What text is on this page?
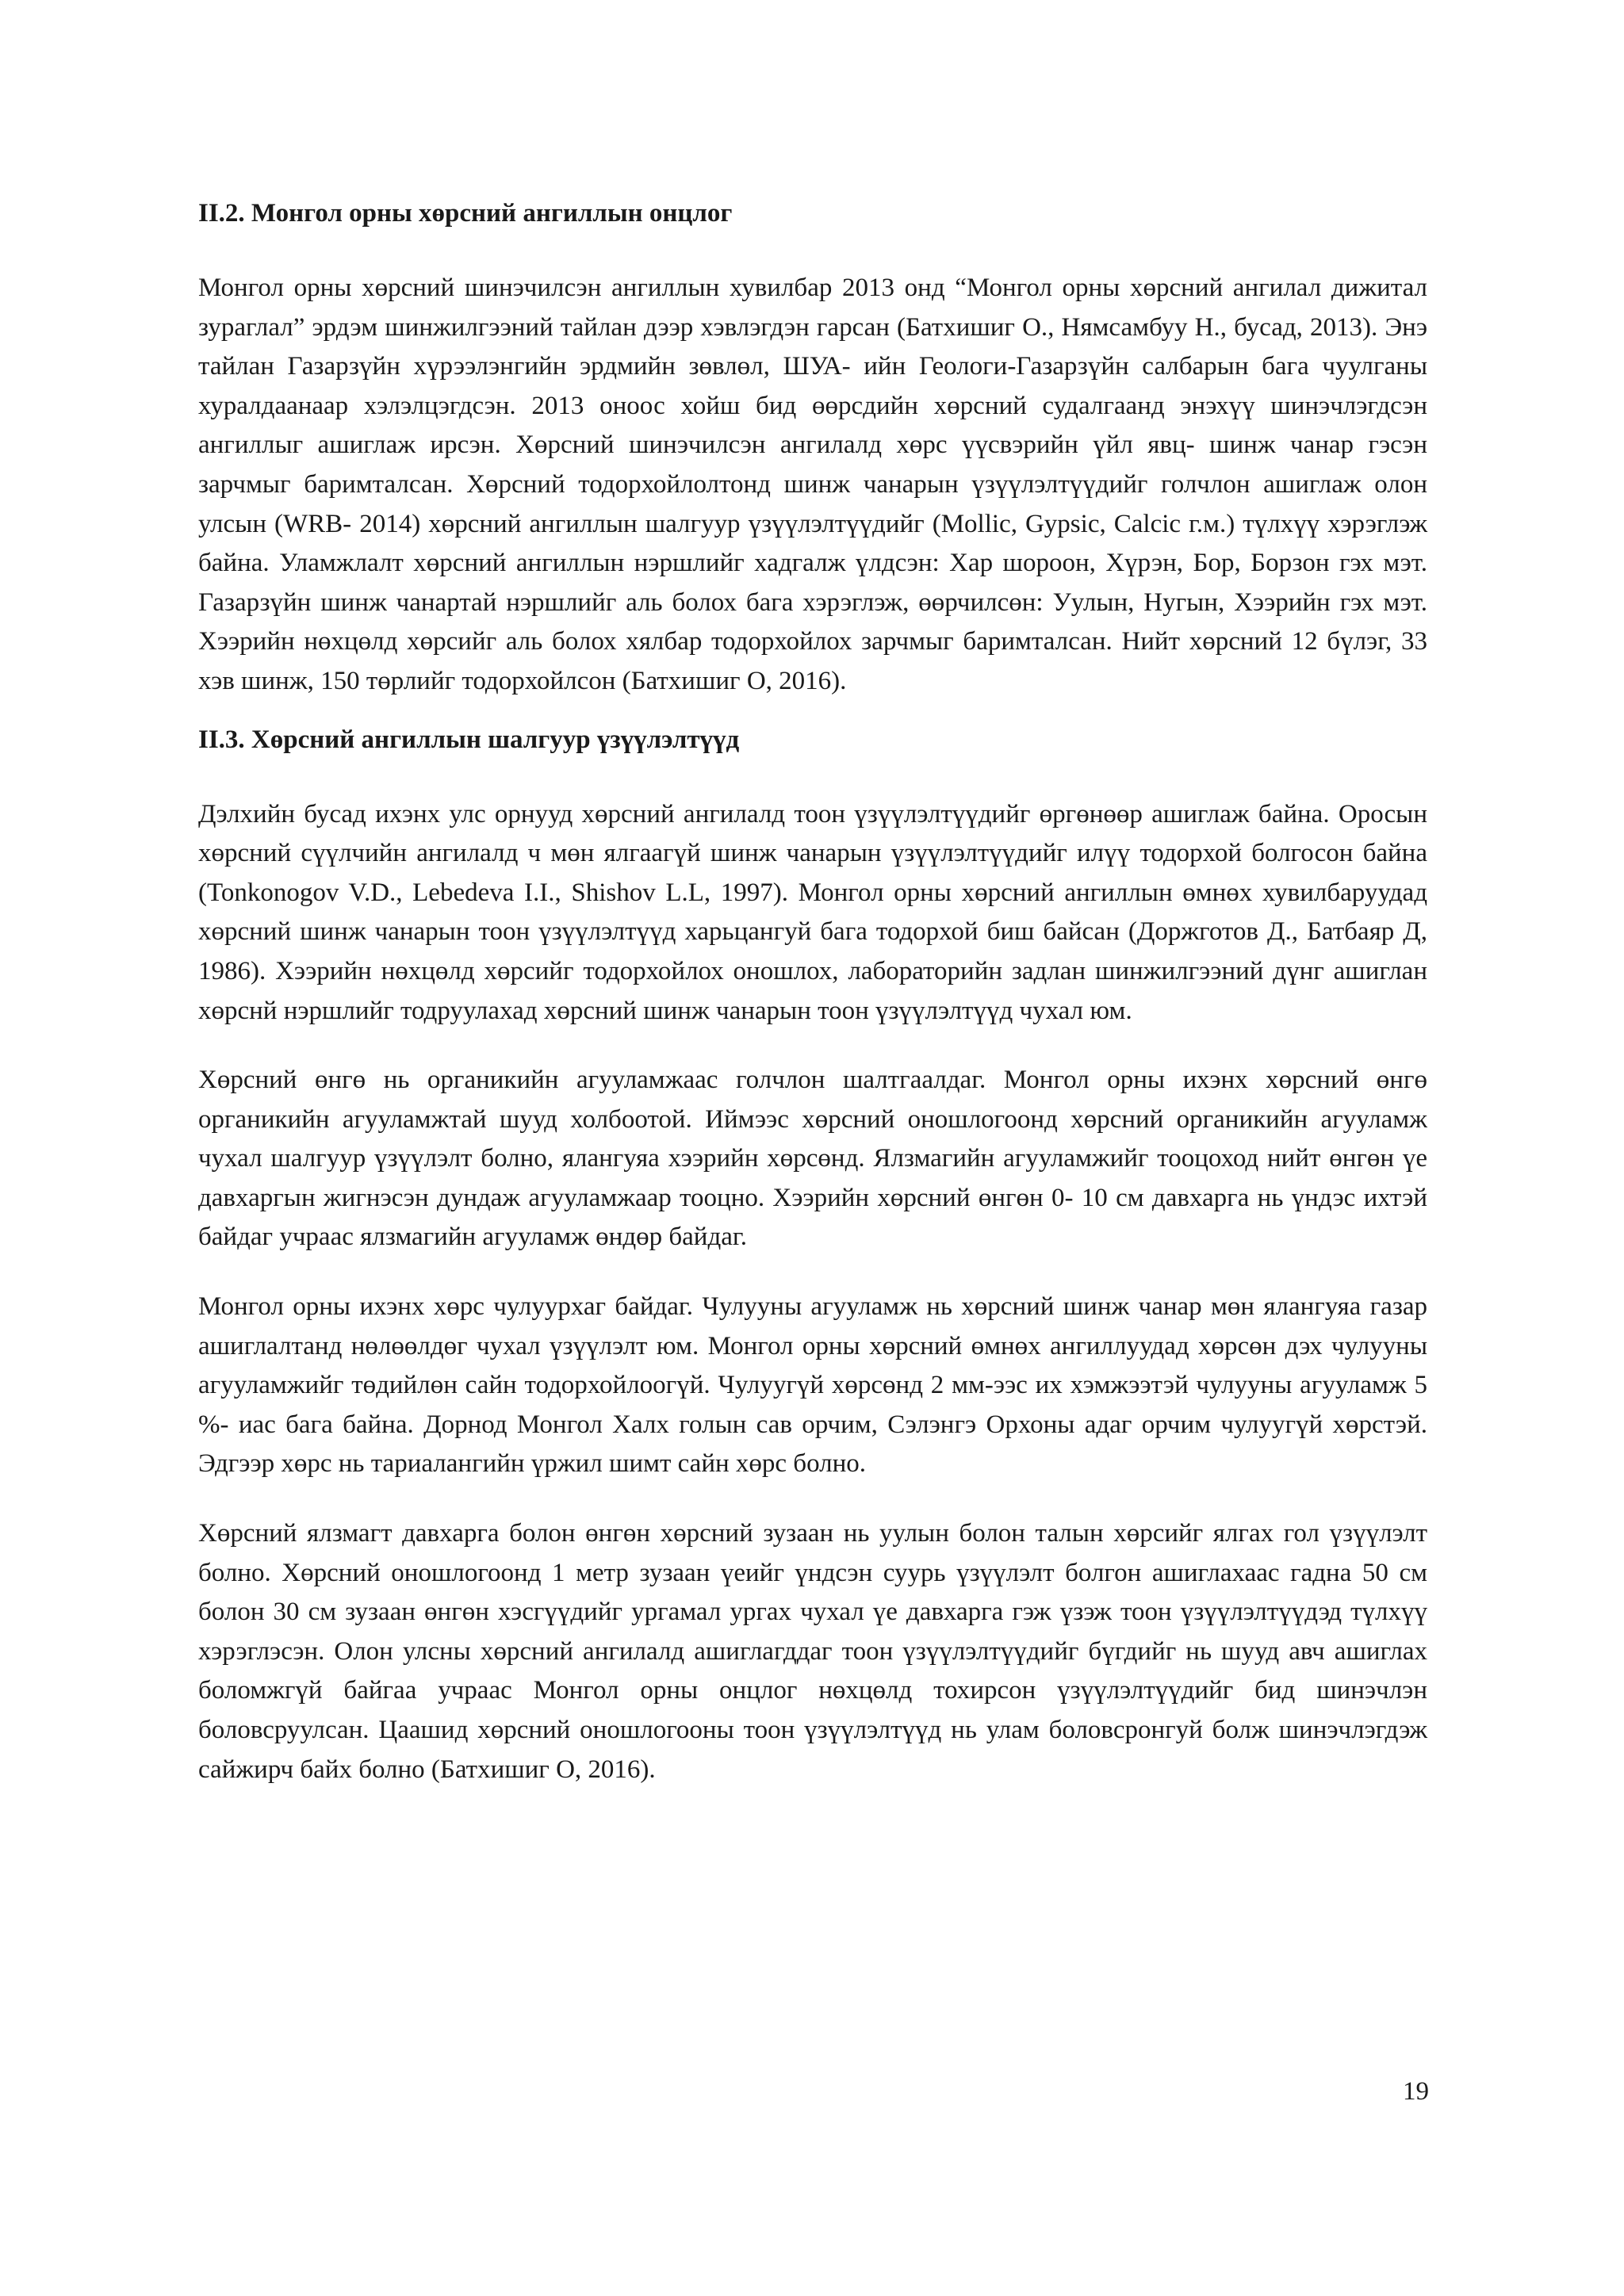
II.2. Монгол орны хөрсний ангиллын онцлог

Монгол орны хөрсний шинэчилсэн ангиллын хувилбар 2013 онд “Монгол орны хөрсний ангилал дижитал зураглал” эрдэм шинжилгээний тайлан дээр хэвлэгдэн гарсан (Батхишиг О., Нямсамбуу Н., бусад, 2013). Энэ тайлан Газарзүйн хүрээлэнгийн эрдмийн зөвлөл, ШУА- ийн Геологи-Газарзүйн салбарын бага чуулганы хуралдаанаар хэлэлцэгдсэн. 2013 оноос хойш бид өөрсдийн хөрсний судалгаанд энэхүү шинэчлэгдсэн ангиллыг ашиглаж ирсэн. Хөрсний шинэчилсэн ангилалд хөрс үүсвэрийн үйл явц- шинж чанар гэсэн зарчмыг баримталсан. Хөрсний тодорхойлолтонд шинж чанарын үзүүлэлтүүдийг голчлон ашиглаж олон улсын (WRB- 2014) хөрсний ангиллын шалгуур үзүүлэлтүүдийг (Mollic, Gypsic, Calcic г.м.) түлхүү хэрэглэж байна. Уламжлалт хөрсний ангиллын нэршлийг хадгалж үлдсэн: Хар шороон, Хүрэн, Бор, Борзон гэх мэт. Газарзүйн шинж чанартай нэршлийг аль болох бага хэрэглэж, өөрчилсөн: Уулын, Нугын, Хээрийн гэх мэт. Хээрийн нөхцөлд хөрсийг аль болох хялбар тодорхойлох зарчмыг баримталсан. Нийт хөрсний 12 бүлэг, 33 хэв шинж, 150 төрлийг тодорхойлсон (Батхишиг О, 2016).

II.3. Хөрсний ангиллын шалгуур үзүүлэлтүүд

Дэлхийн бусад ихэнх улс орнууд хөрсний ангилалд тоон үзүүлэлтүүдийг өргөнөөр ашиглаж байна. Оросын хөрсний сүүлчийн ангилалд ч мөн ялгаагүй шинж чанарын үзүүлэлтүүдийг илүү тодорхой болгосон байна (Tonkonogov V.D., Lebedeva I.I., Shishov L.L, 1997). Монгол орны хөрсний ангиллын өмнөх хувилбаруудад хөрсний шинж чанарын тоон үзүүлэлтүүд харьцангуй бага тодорхой биш байсан (Доржготов Д., Батбаяр Д, 1986). Хээрийн нөхцөлд хөрсийг тодорхойлох оношлох, лабораторийн задлан шинжилгээний дүнг ашиглан хөрснй нэршлийг тодруулахад хөрсний шинж чанарын тоон үзүүлэлтүүд чухал юм.

Хөрсний өнгө нь органикийн агууламжаас голчлон шалтгаалдаг. Монгол орны ихэнх хөрсний өнгө органикийн агууламжтай шууд холбоотой. Иймээс хөрсний оношлогоонд хөрсний органикийн агууламж чухал шалгуур үзүүлэлт болно, ялангуяа хээрийн хөрсөнд. Ялзмагийн агууламжийг тооцоход нийт өнгөн үе давхаргын жигнэсэн дундаж агууламжаар тооцно. Хээрийн хөрсний өнгөн 0- 10 см давхарга нь үндэс ихтэй байдаг учраас ялзмагийн агууламж өндөр байдаг.

Монгол орны ихэнх хөрс чулуурхаг байдаг. Чулууны агууламж нь хөрсний шинж чанар мөн ялангуяа газар ашиглалтанд нөлөөлдөг чухал үзүүлэлт юм. Монгол орны хөрсний өмнөх ангиллуудад хөрсөн дэх чулууны агууламжийг төдийлөн сайн тодорхойлоогүй. Чулуугүй хөрсөнд 2 мм-ээс их хэмжээтэй чулууны агууламж 5 %- иас бага байна. Дорнод Монгол Халх голын сав орчим, Сэлэнгэ Орхоны адаг орчим чулуугүй хөрстэй. Эдгээр хөрс нь тариалангийн үржил шимт сайн хөрс болно.

Хөрсний ялзмагт давхарга болон өнгөн хөрсний зузаан нь уулын болон талын хөрсийг ялгах гол үзүүлэлт болно. Хөрсний оношлогоонд 1 метр зузаан үеийг үндсэн суурь үзүүлэлт болгон ашиглахаас гадна 50 см болон 30 см зузаан өнгөн хэсгүүдийг ургамал ургах чухал үе давхарга гэж үзэж тоон үзүүлэлтүүдэд түлхүү хэрэглэсэн. Олон улсны хөрсний ангилалд ашиглагддаг тоон үзүүлэлтүүдийг бүгдийг нь шууд авч ашиглах боломжгүй байгаа учраас Монгол орны онцлог нөхцөлд тохирсон үзүүлэлтүүдийг бид шинэчлэн боловсруулсан. Цаашид хөрсний оношлогооны тоон үзүүлэлтүүд нь улам боловсронгуй болж шинэчлэгдэж сайжирч байх болно (Батхишиг О, 2016).

19
